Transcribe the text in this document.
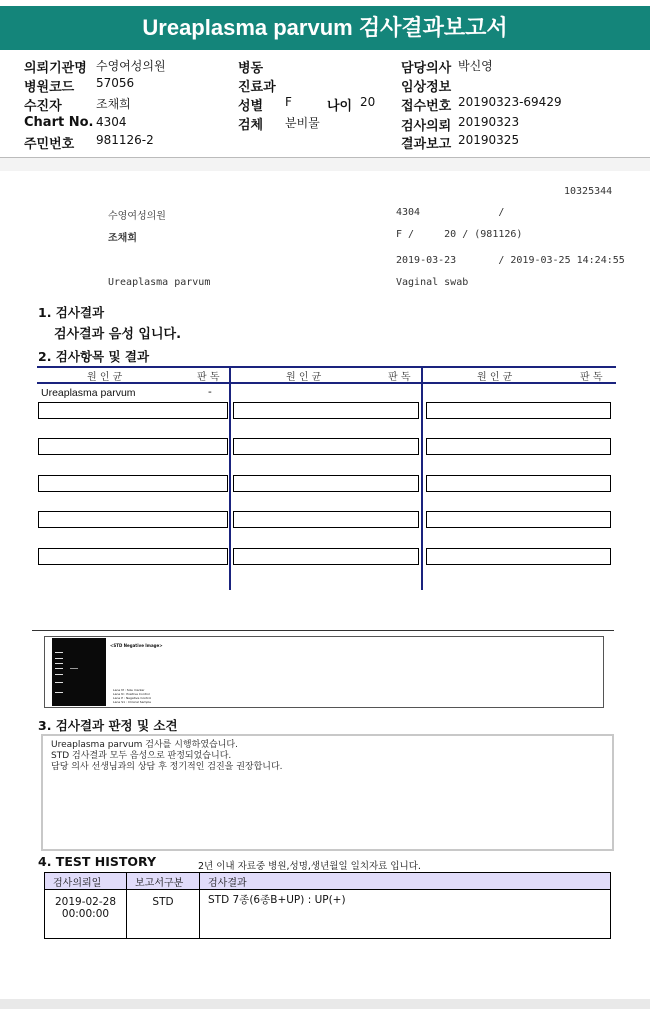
Ureaplasma parvum 검사결과보고서
의뢰기관명 수영여성의원
병원코드 57056
수진자	조채희
Chart No. 4304
주민번호 981126-2
병동
진료과
성별 F	나이 20
검체 분비물
담당의사 박신영
임상정보
접수번호 20190323-69429
검사의뢰 20190323
결과보고 20190325
10325344
수영여성의원	4304             /
조채희	F /     20 / (981126)
2019-03-23       / 2019-03-25 14:24:55
Ureaplasma parvum	Vaginal swab
1. 검사결과
검사결과 음성 입니다.
2. 검사항목 및 결과
원 인 균	판 독	원 인 균	판 독	원 인 균	판 독
Ureaplasma parvum	-
<STD Negative Image>
Lane M : Size marker
Lane N : Positive Control
Lane P : Negative Control
Lane S1 : Clinical Sample
3. 검사결과 판정 및 소견
Ureaplasma parvum 검사를 시행하였습니다.
STD 검사결과 모두 음성으로 판정되었습니다.
담당 의사 선생님과의 상담 후 정기적인 검진을 권장합니다.
4. TEST HISTORY	2년 이내 자료중 병원,성명,생년월일 일치자료 입니다.
검사의뢰일	보고서구분	검사결과

2019-02-28
00:00:00	STD	STD 7종(6종B+UP) : UP(+)
